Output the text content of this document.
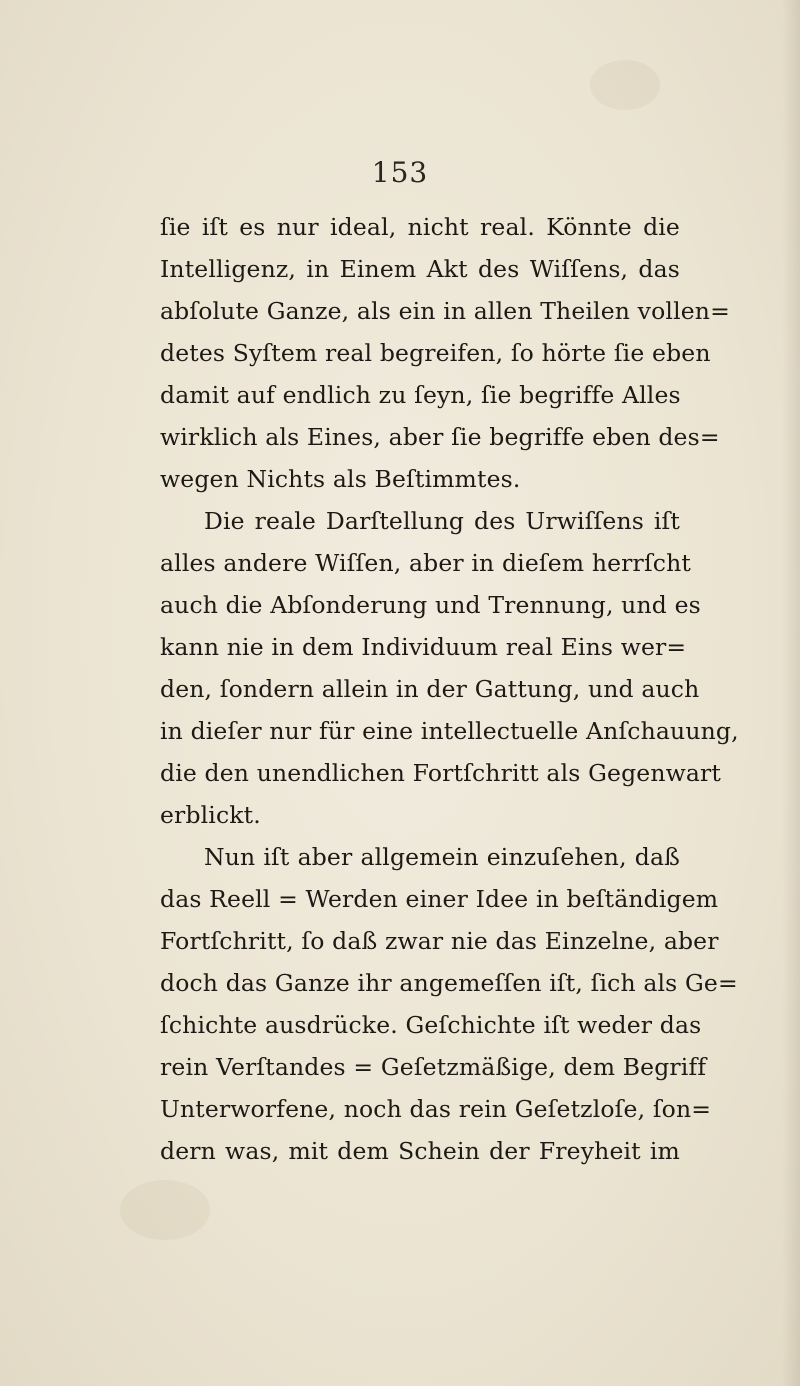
153
ſie iſt es nur ideal, nicht real. Könnte die
Intelligenz, in Einem Akt des Wiſſens, das
abſolute Ganze, als ein in allen Theilen vollen=
detes Syſtem real begreifen, ſo hörte ſie eben
damit auf endlich zu ſeyn, ſie begriffe Alles
wirklich als Eines, aber ſie begriffe eben des=
wegen Nichts als Beſtimmtes.
Die reale Darſtellung des Urwiſſens iſt
alles andere Wiſſen, aber in dieſem herrſcht
auch die Abſonderung und Trennung, und es
kann nie in dem Individuum real Eins wer=
den, ſondern allein in der Gattung, und auch
in dieſer nur für eine intellectuelle Anſchauung,
die den unendlichen Fortſchritt als Gegenwart
erblickt.
Nun iſt aber allgemein einzuſehen, daß
das Reell = Werden einer Idee in beſtändigem
Fortſchritt, ſo daß zwar nie das Einzelne, aber
doch das Ganze ihr angemeſſen iſt, ſich als Ge=
ſchichte ausdrücke. Geſchichte iſt weder das
rein Verſtandes = Geſetzmäßige, dem Begriff
Unterworfene, noch das rein Geſetzloſe, ſon=
dern was, mit dem Schein der Freyheit im
